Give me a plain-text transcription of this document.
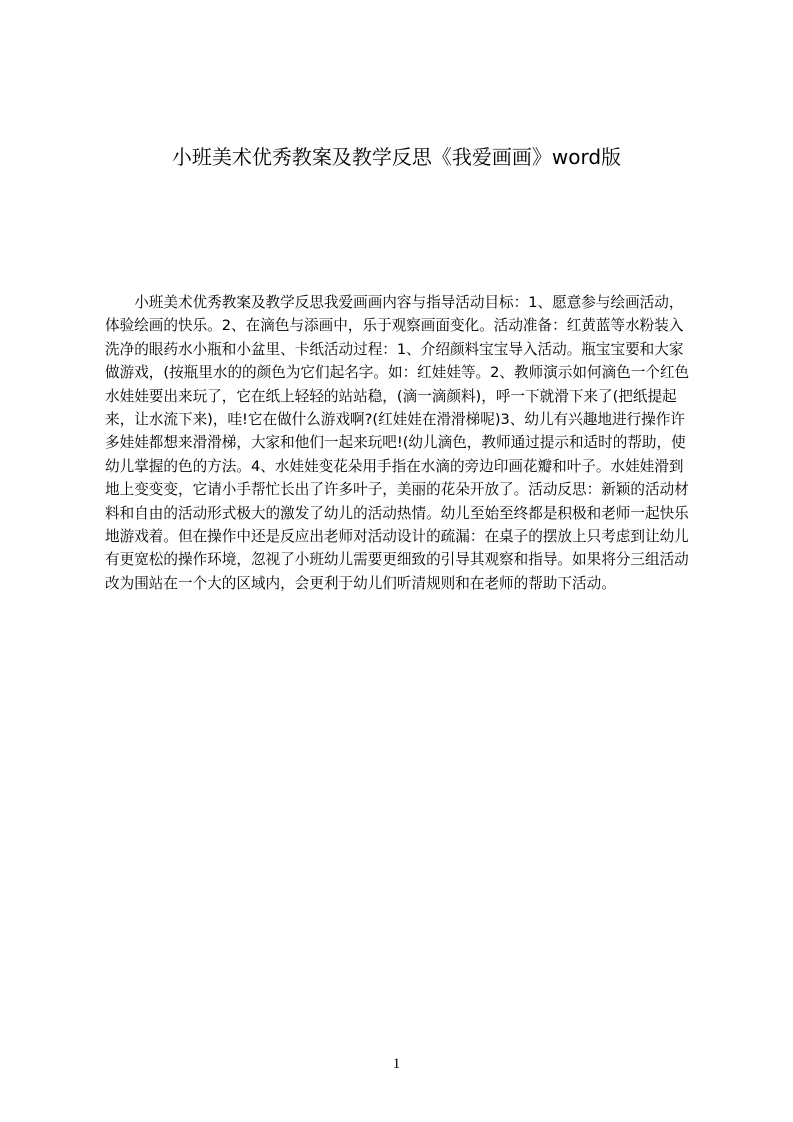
小班美术优秀教案及教学反思《我爱画画》word版

小班美术优秀教案及教学反思我爱画画内容与指导活动目标：1、愿意参与绘画活动，体验绘画的快乐。2、在滴色与添画中，乐于观察画面变化。活动准备：红黄蓝等水粉装入洗净的眼药水小瓶和小盆里、卡纸活动过程：1、介绍颜料宝宝导入活动。瓶宝宝要和大家做游戏，(按瓶里水的的颜色为它们起名字。如：红娃娃等。2、教师演示如何滴色一个红色水娃娃要出来玩了，它在纸上轻轻的站站稳，(滴一滴颜料)，呼一下就滑下来了(把纸提起来，让水流下来)，哇!它在做什么游戏啊?(红娃娃在滑滑梯呢)3、幼儿有兴趣地进行操作许多娃娃都想来滑滑梯，大家和他们一起来玩吧!(幼儿滴色，教师通过提示和适时的帮助，使幼儿掌握的色的方法。4、水娃娃变花朵用手指在水滴的旁边印画花瓣和叶子。水娃娃滑到地上变变变，它请小手帮忙长出了许多叶子，美丽的花朵开放了。活动反思：新颖的活动材料和自由的活动形式极大的激发了幼儿的活动热情。幼儿至始至终都是积极和老师一起快乐地游戏着。但在操作中还是反应出老师对活动设计的疏漏：在桌子的摆放上只考虑到让幼儿有更宽松的操作环境，忽视了小班幼儿需要更细致的引导其观察和指导。如果将分三组活动改为围站在一个大的区域内，会更利于幼儿们听清规则和在老师的帮助下活动。

1
